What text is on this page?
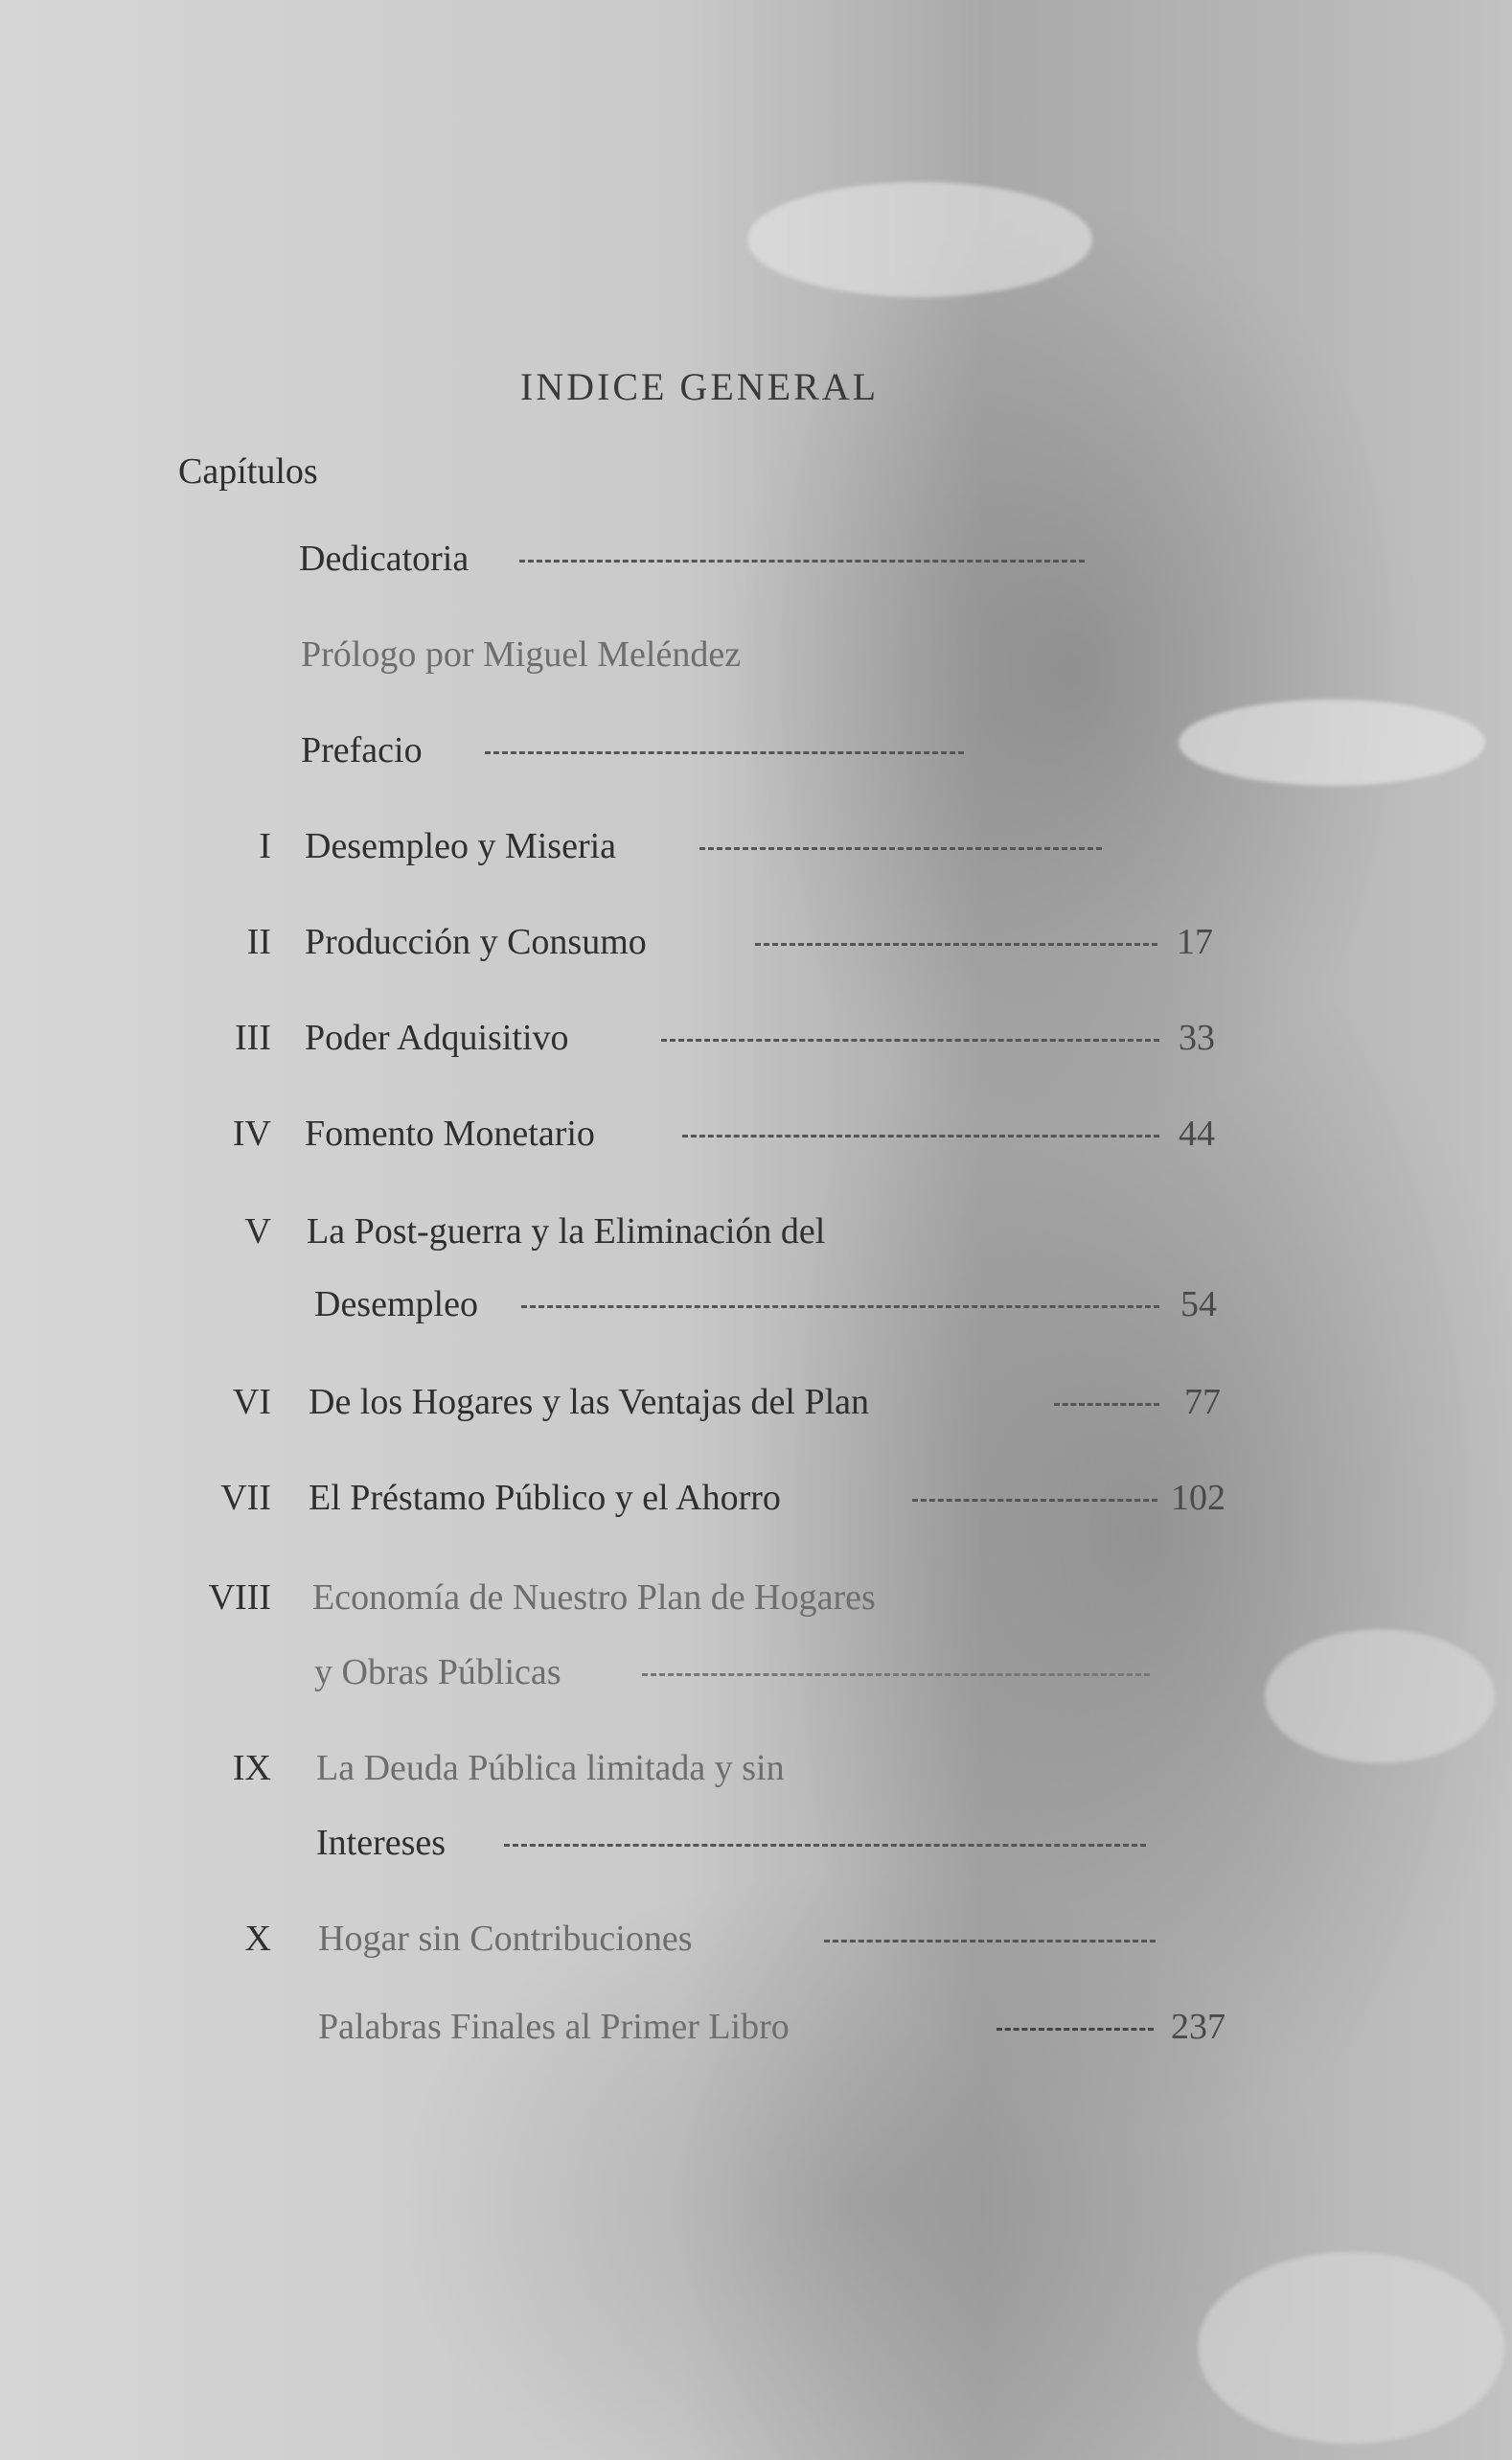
INDICE GENERAL
Capítulos
Dedicatoria
Prólogo por Miguel Meléndez
Prefacio
I Desempleo y Miseria
II Producción y Consumo	17
III Poder Adquisitivo	33
IV Fomento Monetario	44
V La Post-guerra y la Eliminación del
Desempleo	54
VI De los Hogares y las Ventajas del Plan	77
VII El Préstamo Público y el Ahorro	102
VIII Economía de Nuestro Plan de Hogares
y Obras Públicas
IX La Deuda Pública limitada y sin
Intereses
X Hogar sin Contribuciones
Palabras Finales al Primer Libro	237
